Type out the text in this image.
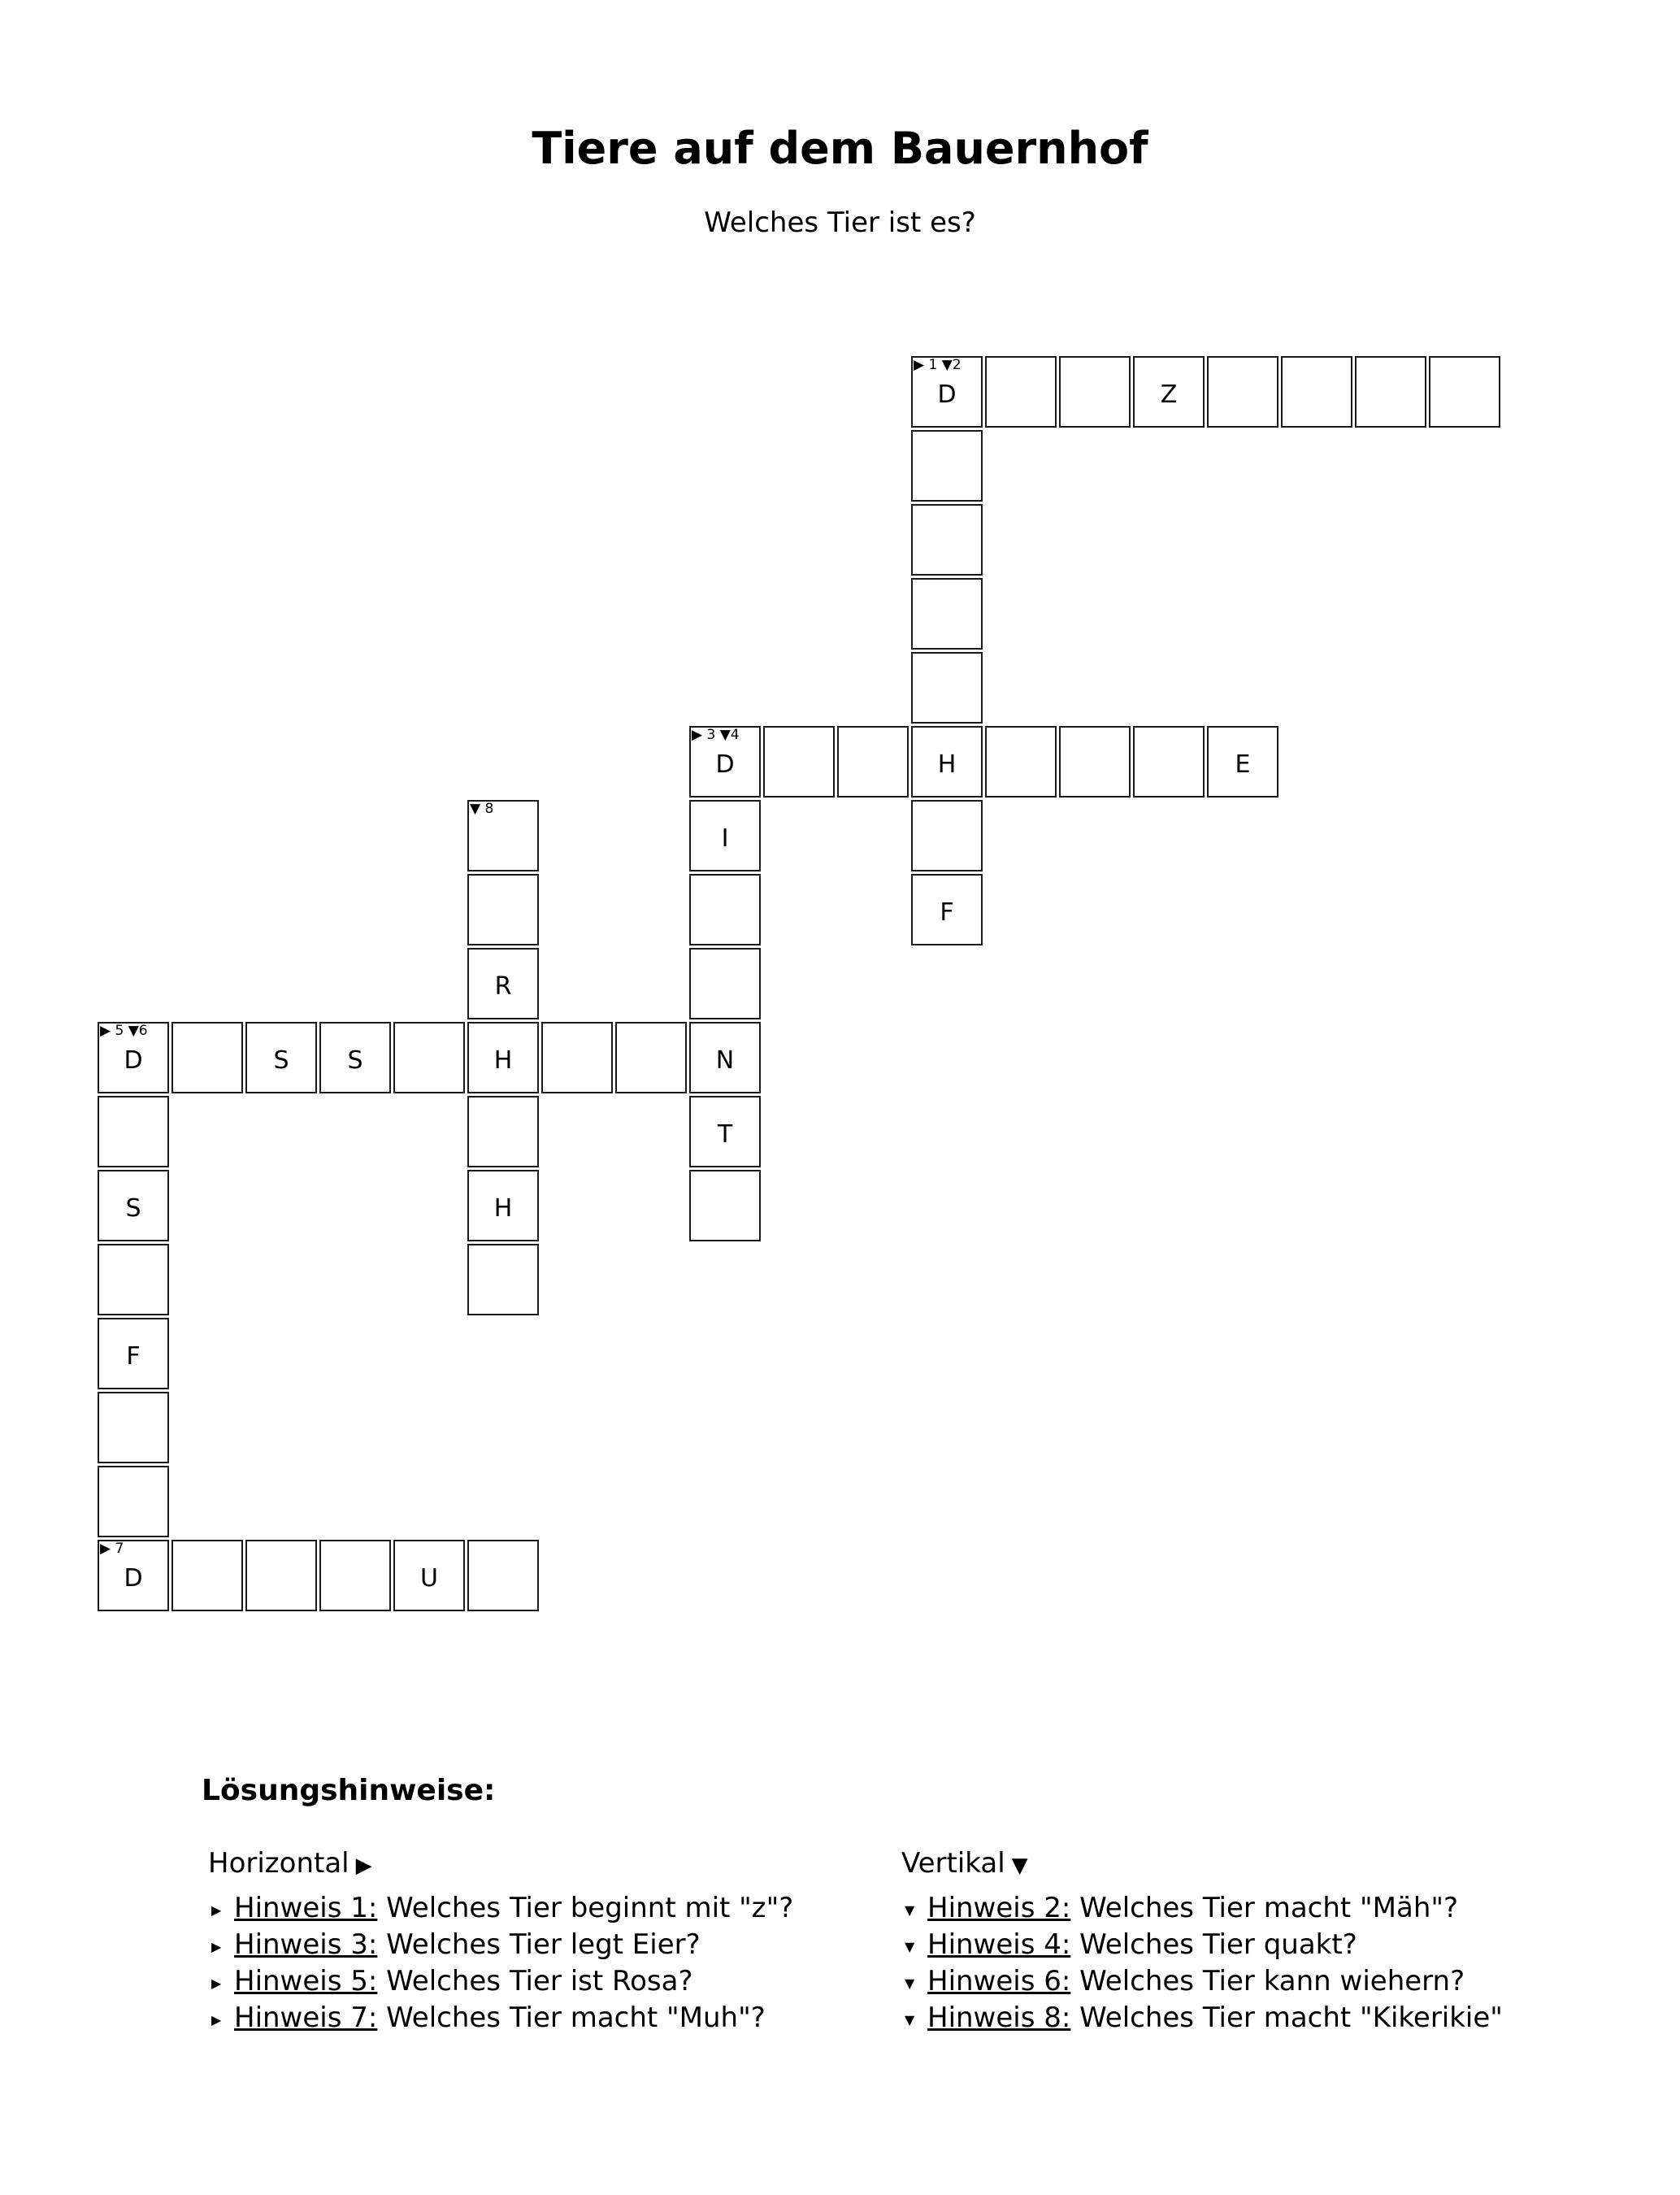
Tiere auf dem Bauernhof
Welches Tier ist es?
▶ 1 ▼2
D	Z
▶ 3 ▼4
D	H	E
F
I
N
T
▼ 8
R
H
H
▶ 5 ▼6
D	S	S
S
F
▶ 7
D	U
Lösungshinweise:
Horizontal ▶
▶ Hinweis 1: Welches Tier beginnt mit "z"?
▶ Hinweis 3: Welches Tier legt Eier?
▶ Hinweis 5: Welches Tier ist Rosa?
▶ Hinweis 7: Welches Tier macht "Muh"?
Vertikal ▼
▼ Hinweis 2: Welches Tier macht "Mäh"?
▼ Hinweis 4: Welches Tier quakt?
▼ Hinweis 6: Welches Tier kann wiehern?
▼ Hinweis 8: Welches Tier macht "Kikerikie"
